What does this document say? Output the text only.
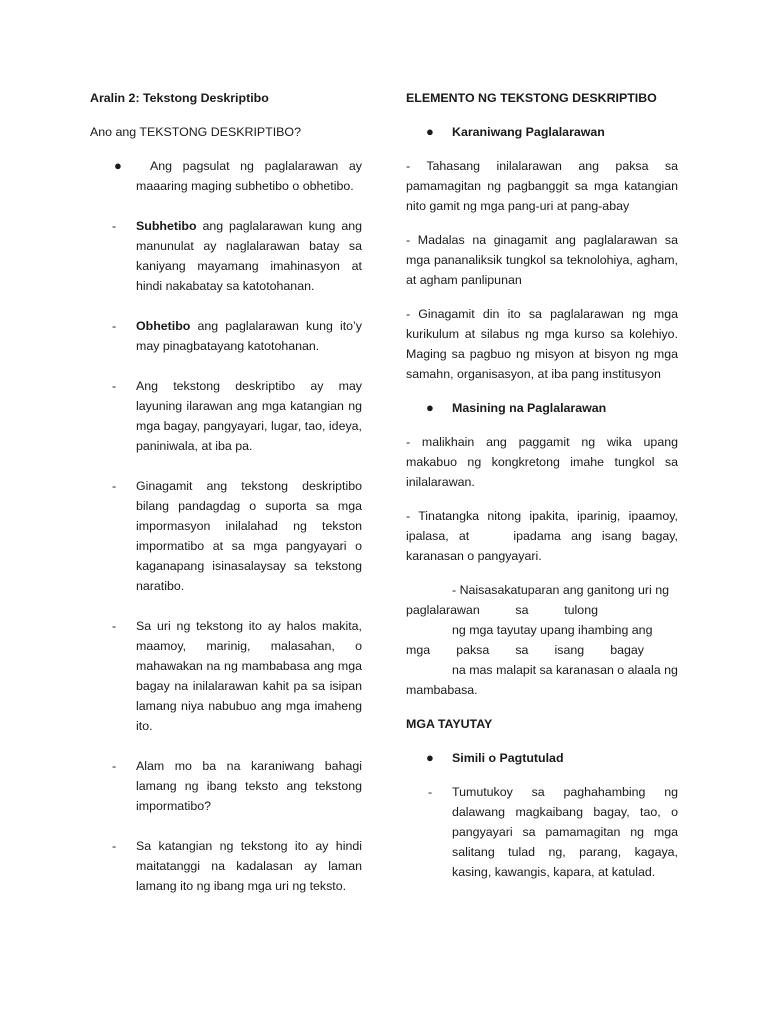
Aralin 2: Tekstong Deskriptibo

Ano ang TEKSTONG DESKRIPTIBO?

● Ang pagsulat ng paglalarawan ay maaaring maging subhetibo o obhetibo.
- Subhetibo ang paglalarawan kung ang manunulat ay naglalarawan batay sa kaniyang mayamang imahinasyon at hindi nakabatay sa katotohanan.
- Obhetibo ang paglalarawan kung ito’y may pinagbatayang katotohanan.
- Ang tekstong deskriptibo ay may layuning ilarawan ang mga katangian ng mga bagay, pangyayari, lugar, tao, ideya, paniniwala, at iba pa.
- Ginagamit ang tekstong deskriptibo bilang pandagdag o suporta sa mga impormasyon inilalahad ng tekston impormatibo at sa mga pangyayari o kaganapang isinasalaysay sa tekstong naratibo.
- Sa uri ng tekstong ito ay halos makita, maamoy, marinig, malasahan, o mahawakan na ng mambabasa ang mga bagay na inilalarawan kahit pa sa isipan lamang niya nabubuo ang mga imaheng ito.
- Alam mo ba na karaniwang bahagi lamang ng ibang teksto ang tekstong impormatibo?
- Sa katangian ng tekstong ito ay hindi maitatanggi na kadalasan ay laman lamang ito ng ibang mga uri ng teksto.

ELEMENTO NG TEKSTONG DESKRIPTIBO

● Karaniwang Paglalarawan

- Tahasang inilalarawan ang paksa sa pamamagitan ng pagbanggit sa mga katangian nito gamit ng mga pang-uri at pang-abay

- Madalas na ginagamit ang paglalarawan sa mga pananaliksik tungkol sa teknolohiya, agham, at agham panlipunan

- Ginagamit din ito sa paglalarawan ng mga kurikulum at silabus ng mga kurso sa kolehiyo. Maging sa pagbuo ng misyon at bisyon ng mga samahn, organisasyon, at iba pang institusyon

● Masining na Paglalarawan

- malikhain ang paggamit ng wika upang makabuo ng kongkretong imahe tungkol sa inilalarawan.

- Tinatangka nitong ipakita, iparinig, ipaamoy, ipalasa, at	ipadama ang isang bagay, karanasan o pangyayari.

- Naisasakatuparan ang ganitong uri ng
paglalarawan	sa	tulong
ng mga tayutay upang ihambing ang
mga paksa sa isang bagay
na mas malapit sa karanasan o alaala ng
mambabasa.

MGA TAYUTAY

● Simili o Pagtutulad
- Tumutukoy sa paghahambing ng dalawang magkaibang bagay, tao, o pangyayari sa pamamagitan ng mga salitang tulad ng, parang, kagaya, kasing, kawangis, kapara, at katulad.
